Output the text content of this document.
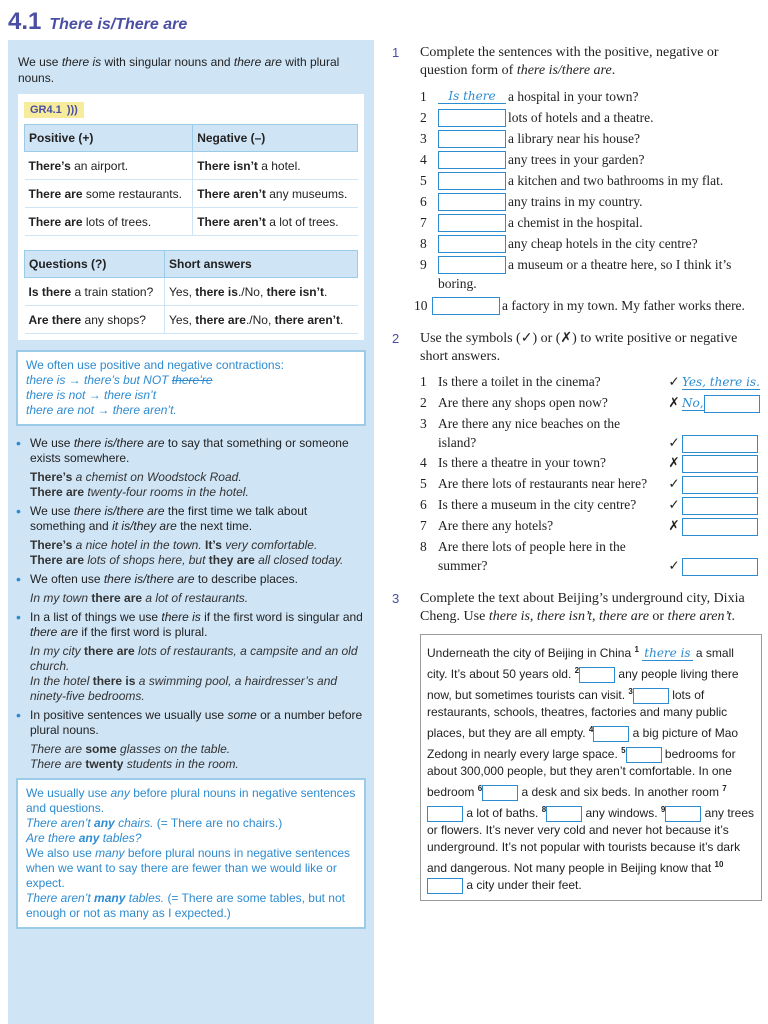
4.1 There is/There are
We use there is with singular nouns and there are with plural nouns.
GR4.1 )))
Positive (+)	Negative (–)
There’s an airport.	There isn’t a hotel.
There are some restaurants.	There aren’t any museums.
There are lots of trees.	There aren’t a lot of trees.
Questions (?)	Short answers
Is there a train station?	Yes, there is./No, there isn’t.
Are there any shops?	Yes, there are./No, there aren’t.
We often use positive and negative contractions:
there is → there’s but NOT there’re
there is not → there isn’t
there are not → there aren’t.
• We use there is/there are to say that something or someone exists somewhere.
There’s a chemist on Woodstock Road.
There are twenty-four rooms in the hotel.
• We use there is/there are the first time we talk about something and it is/they are the next time.
There’s a nice hotel in the town. It’s very comfortable.
There are lots of shops here, but they are all closed today.
• We often use there is/there are to describe places.
In my town there are a lot of restaurants.
• In a list of things we use there is if the first word is singular and there are if the first word is plural.
In my city there are lots of restaurants, a campsite and an old church.
In the hotel there is a swimming pool, a hairdresser’s and ninety-five bedrooms.
• In positive sentences we usually use some or a number before plural nouns.
There are some glasses on the table.
There are twenty students in the room.
We usually use any before plural nouns in negative sentences and questions.
There aren’t any chairs. (= There are no chairs.)
Are there any tables?
We also use many before plural nouns in negative sentences when we want to say there are fewer than we would like or expect.
There aren’t many tables. (= There are some tables, but not enough or not as many as I expected.)
1	Complete the sentences with the positive, negative or question form of there is/there are.
1	Is there a hospital in your town?
2	lots of hotels and a theatre.
3	a library near his house?
4	any trees in your garden?
5	a kitchen and two bathrooms in my flat.
6	any trains in my country.
7	a chemist in the hospital.
8	any cheap hotels in the city centre?
9	a museum or a theatre here, so I think it’s
boring.
10	a factory in my town. My father works there.
2	Use the symbols (✓) or (✗) to write positive or negative short answers.
1 Is there a toilet in the cinema?	✓ Yes, there is.
2 Are there any shops open now?	✗ No,
3 Are there any nice beaches on the
island?	✓
4 Is there a theatre in your town?	✗
5 Are there lots of restaurants near here?	✓
6 Is there a museum in the city centre?	✓
7 Are there any hotels?	✗
8 Are there lots of people here in the
summer?	✓
3	Complete the text about Beijing’s underground city, Dixia Cheng. Use there is, there isn’t, there are or there aren’t.
Underneath the city of Beijing in China $^1$ there is a small city. It’s about 50 years old. $^2$	any people living there now, but sometimes tourists can visit. $^3$	lots of restaurants, schools, theatres, factories and many public places, but they are all empty. $^4$	a big picture of Mao Zedong in nearly every large space. $^5$	bedrooms for about 300,000 people, but they aren’t comfortable. In one bedroom $^6$	a desk and six beds. In another room $^7$ a lot of baths. $^8$	any windows. $^9$	any trees or flowers. It’s never very cold and never hot because it’s underground. It’s not popular with tourists because it’s dark and dangerous. Not many people in Beijing know that $^{10}$ a city under their feet.
